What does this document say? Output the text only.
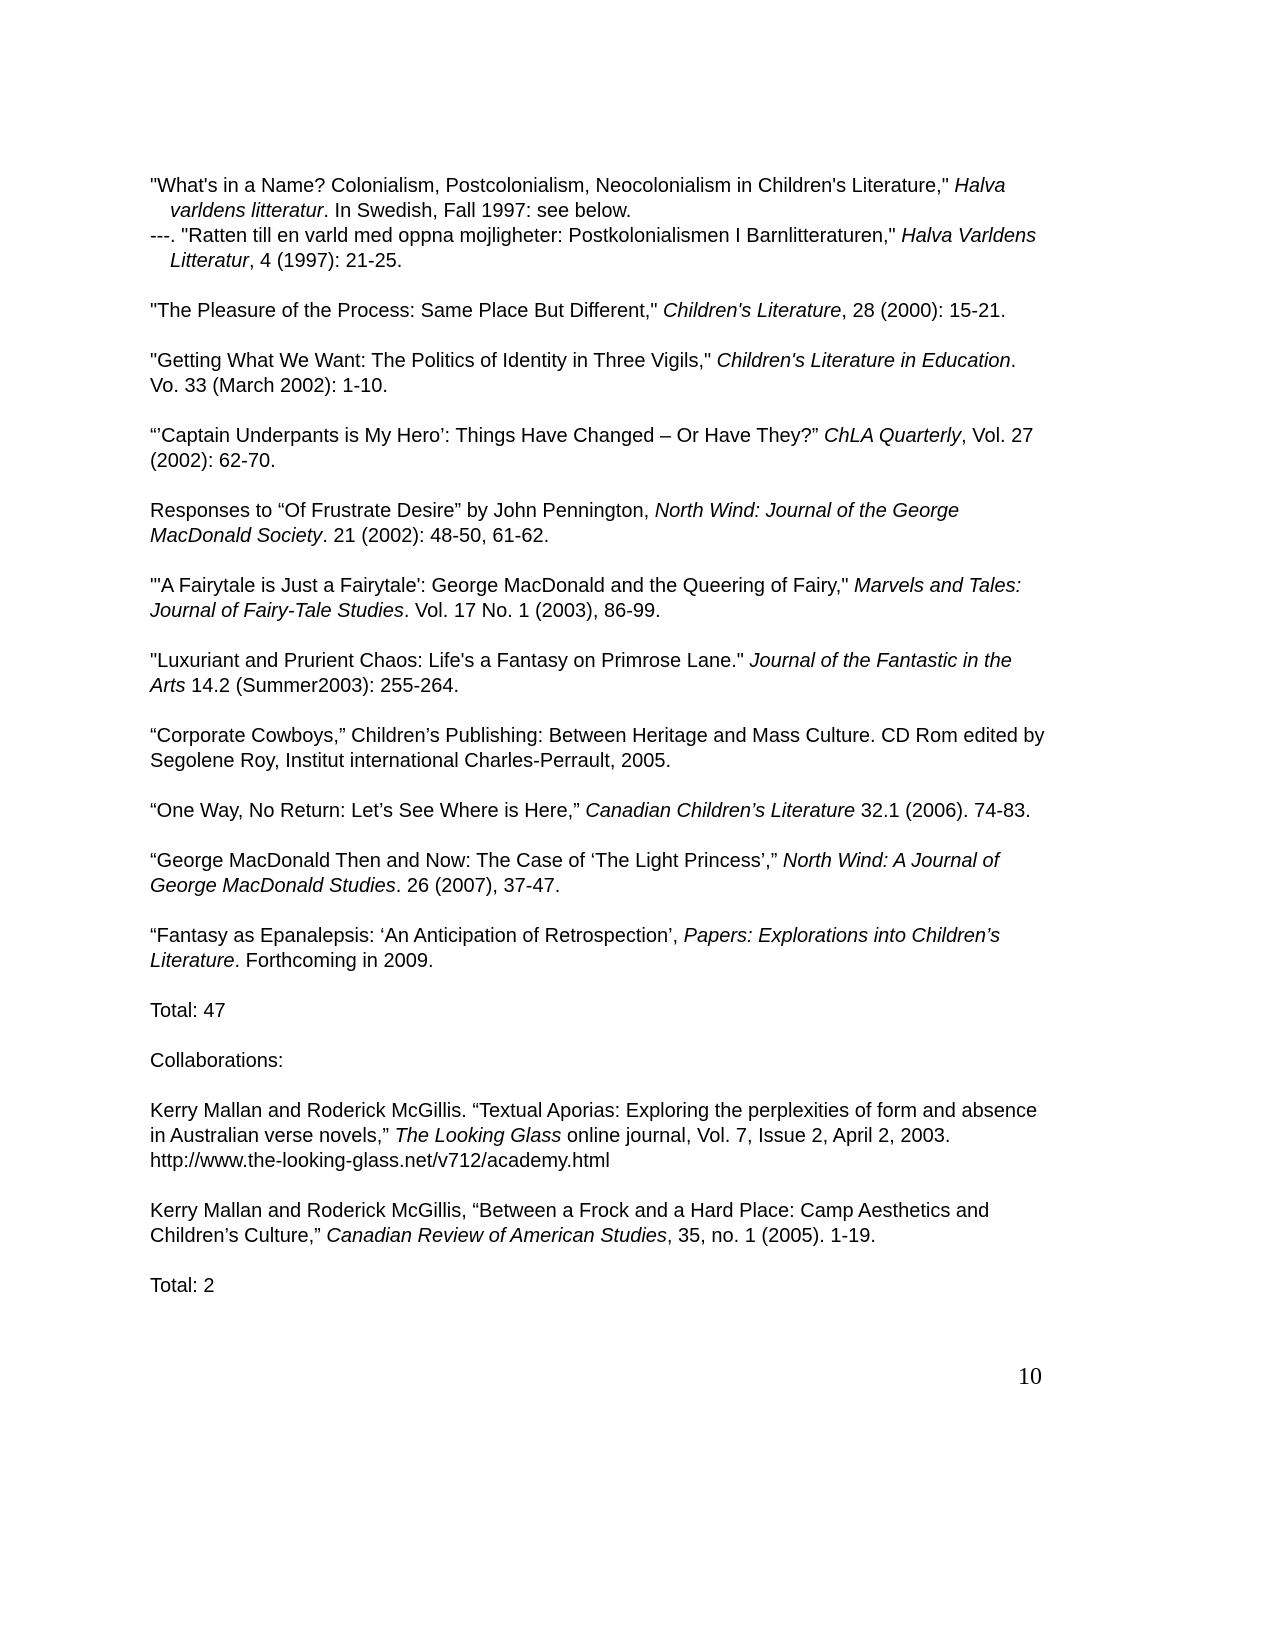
"What's in a Name? Colonialism, Postcolonialism, Neocolonialism in Children's Literature," Halva varldens litteratur. In Swedish, Fall 1997: see below.

---. "Ratten till en varld med oppna mojligheter: Postkolonialismen I Barnlitteraturen," Halva Varldens Litteratur, 4 (1997): 21-25.

"The Pleasure of the Process: Same Place But Different," Children's Literature, 28 (2000): 15-21.

"Getting What We Want: The Politics of Identity in Three Vigils," Children's Literature in Education. Vo. 33 (March 2002): 1-10.

“’Captain Underpants is My Hero’: Things Have Changed – Or Have They?” ChLA Quarterly, Vol. 27 (2002): 62-70.

Responses to “Of Frustrate Desire” by John Pennington, North Wind: Journal of the George MacDonald Society. 21 (2002): 48-50, 61-62.

"'A Fairytale is Just a Fairytale': George MacDonald and the Queering of Fairy," Marvels and Tales: Journal of Fairy-Tale Studies. Vol. 17 No. 1 (2003), 86-99.

"Luxuriant and Prurient Chaos: Life's a Fantasy on Primrose Lane." Journal of the Fantastic in the Arts 14.2 (Summer2003): 255-264.

“Corporate Cowboys,” Children’s Publishing: Between Heritage and Mass Culture. CD Rom edited by Segolene Roy, Institut international Charles-Perrault, 2005.

“One Way, No Return: Let’s See Where is Here,” Canadian Children’s Literature 32.1 (2006). 74-83.

“George MacDonald Then and Now: The Case of ‘The Light Princess’,” North Wind: A Journal of George MacDonald Studies. 26 (2007), 37-47.

“Fantasy as Epanalepsis: ‘An Anticipation of Retrospection’, Papers: Explorations into Children’s Literature. Forthcoming in 2009.

Total: 47

Collaborations:

Kerry Mallan and Roderick McGillis. “Textual Aporias: Exploring the perplexities of form and absence in Australian verse novels,” The Looking Glass online journal, Vol. 7, Issue 2, April 2, 2003. http://www.the-looking-glass.net/v712/academy.html

Kerry Mallan and Roderick McGillis, “Between a Frock and a Hard Place: Camp Aesthetics and Children’s Culture,” Canadian Review of American Studies, 35, no. 1 (2005). 1-19.

Total: 2

10
